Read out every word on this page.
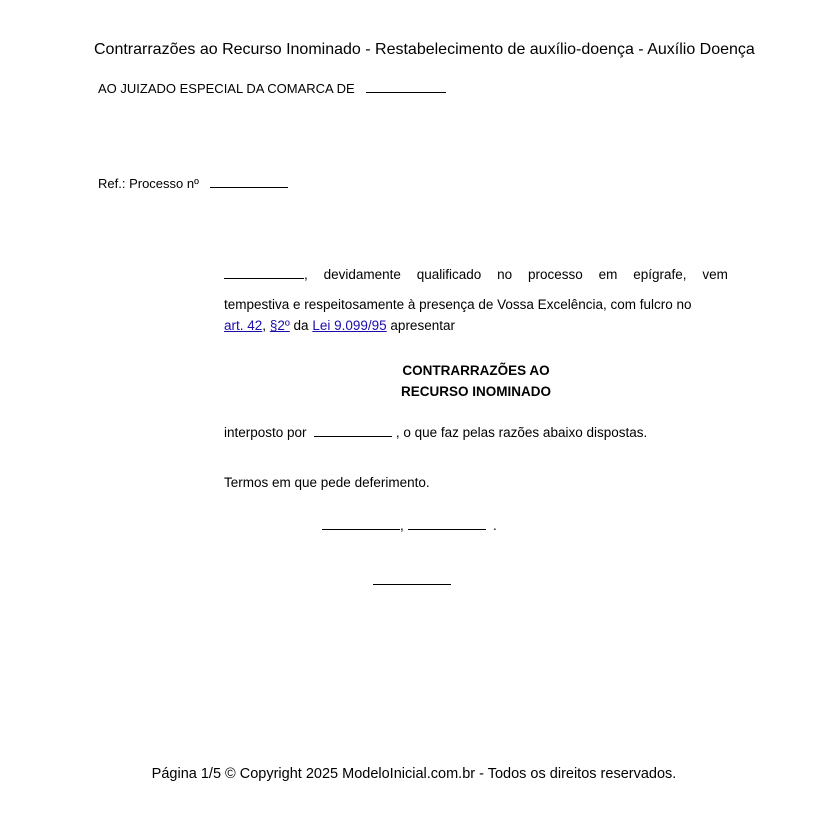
Contrarrazões ao Recurso Inominado - Restabelecimento de auxílio-doença - Auxílio Doença
AO JUIZADO ESPECIAL DA COMARCA DE
Ref.: Processo nº
, devidamente qualificado no processo em epígrafe, vem
tempestiva e respeitosamente à presença de Vossa Excelência, com fulcro no
art. 42, §2º da Lei 9.099/95 apresentar
CONTRARRAZÕES AO
RECURSO INOMINADO
interposto por	, o que faz pelas razões abaixo dispostas.
Termos em que pede deferimento.
,	.
Página 1/5 © Copyright 2025 ModeloInicial.com.br - Todos os direitos reservados.
